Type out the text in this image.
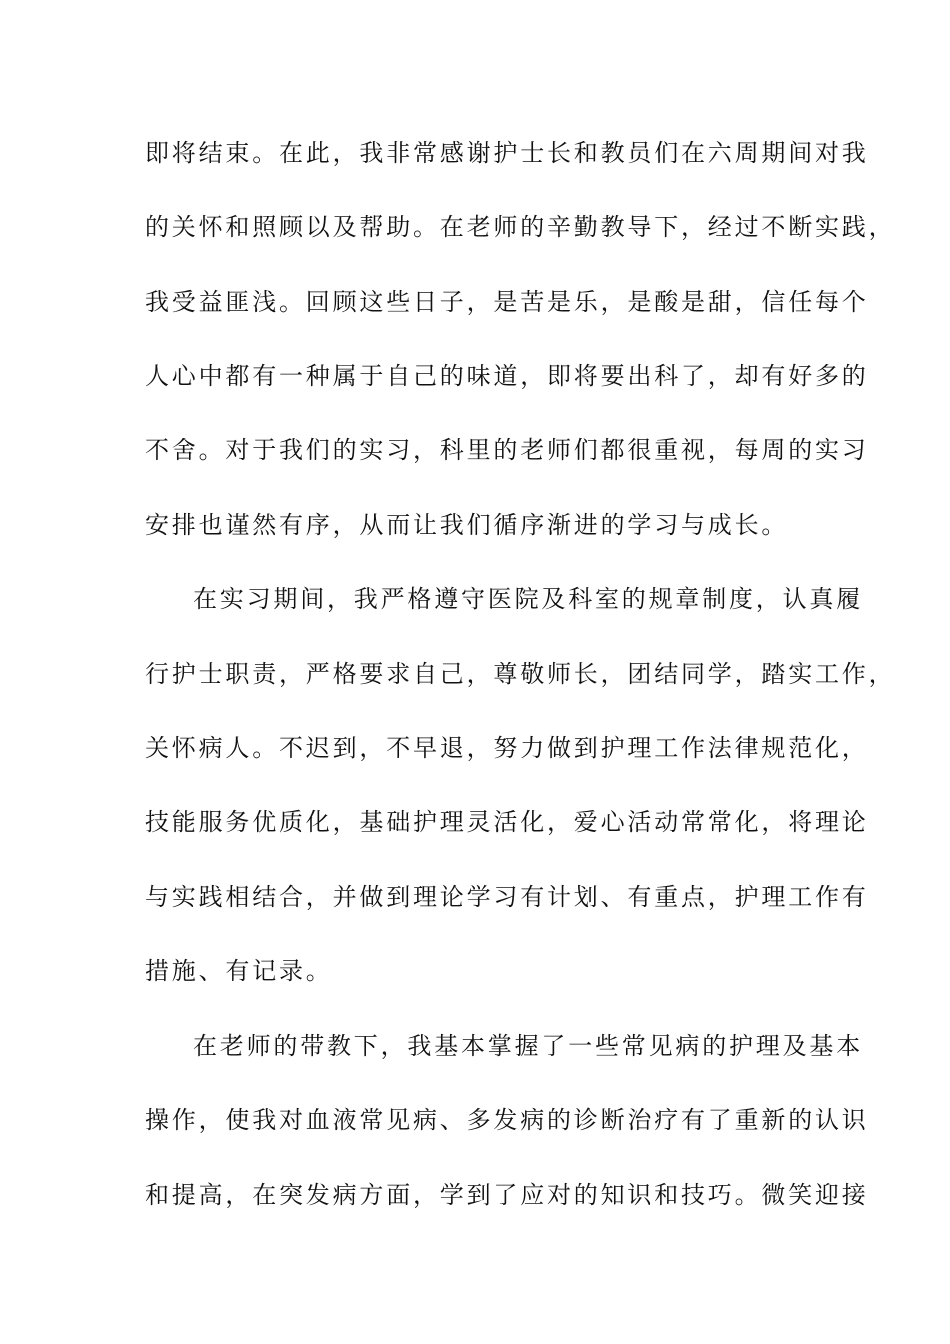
即将结束。在此，我非常感谢护士长和教员们在六周期间对我
的关怀和照顾以及帮助。在老师的辛勤教导下，经过不断实践，
我受益匪浅。回顾这些日子，是苦是乐，是酸是甜，信任每个
人心中都有一种属于自己的味道，即将要出科了，却有好多的
不舍。对于我们的实习，科里的老师们都很重视，每周的实习
安排也谨然有序，从而让我们循序渐进的学习与成长。
在实习期间，我严格遵守医院及科室的规章制度，认真履
行护士职责，严格要求自己，尊敬师长，团结同学，踏实工作，
关怀病人。不迟到，不早退，努力做到护理工作法律规范化，
技能服务优质化，基础护理灵活化，爱心活动常常化，将理论
与实践相结合，并做到理论学习有计划、有重点，护理工作有
措施、有记录。
在老师的带教下，我基本掌握了一些常见病的护理及基本
操作，使我对血液常见病、多发病的诊断治疗有了重新的认识
和提高，在突发病方面，学到了应对的知识和技巧。微笑迎接
